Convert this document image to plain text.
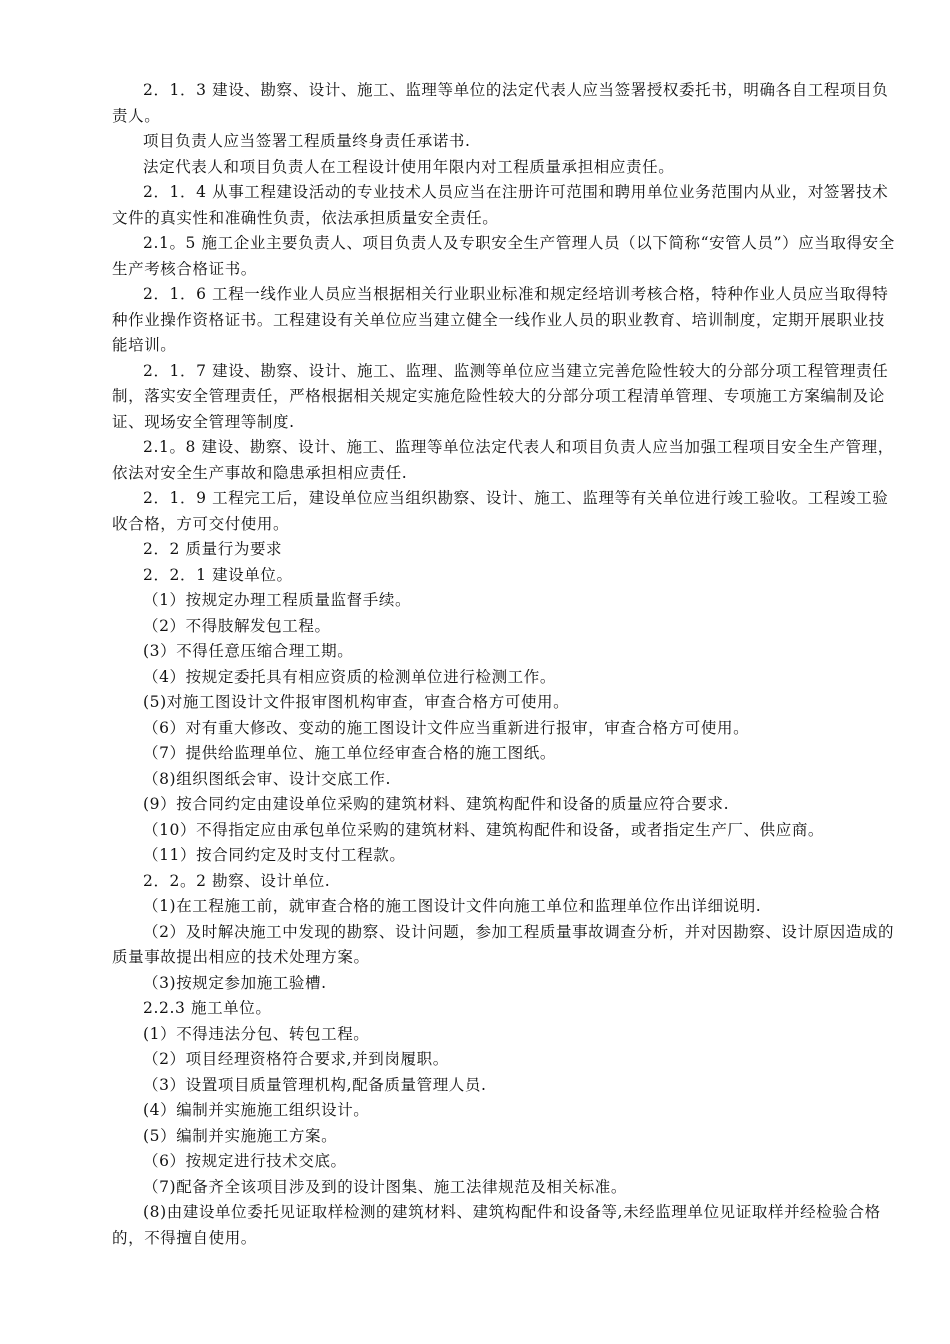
2．1．3 建设、勘察、设计、施工、监理等单位的法定代表人应当签署授权委托书，明确各自工程项目负责人。

项目负责人应当签署工程质量终身责任承诺书.

法定代表人和项目负责人在工程设计使用年限内对工程质量承担相应责任。

2．1．4 从事工程建设活动的专业技术人员应当在注册许可范围和聘用单位业务范围内从业，对签署技术文件的真实性和准确性负责，依法承担质量安全责任。

2.1。5 施工企业主要负责人、项目负责人及专职安全生产管理人员（以下简称“安管人员”）应当取得安全生产考核合格证书。

2．1．6 工程一线作业人员应当根据相关行业职业标准和规定经培训考核合格，特种作业人员应当取得特种作业操作资格证书。工程建设有关单位应当建立健全一线作业人员的职业教育、培训制度，定期开展职业技能培训。

2．1．7 建设、勘察、设计、施工、监理、监测等单位应当建立完善危险性较大的分部分项工程管理责任制，落实安全管理责任，严格根据相关规定实施危险性较大的分部分项工程清单管理、专项施工方案编制及论证、现场安全管理等制度.

2.1。8 建设、勘察、设计、施工、监理等单位法定代表人和项目负责人应当加强工程项目安全生产管理，依法对安全生产事故和隐患承担相应责任.

2．1．9 工程完工后，建设单位应当组织勘察、设计、施工、监理等有关单位进行竣工验收。工程竣工验收合格，方可交付使用。

2．2 质量行为要求

2．2．1 建设单位。

（1）按规定办理工程质量监督手续。

（2）不得肢解发包工程。

(3）不得任意压缩合理工期。

（4）按规定委托具有相应资质的检测单位进行检测工作。

(5)对施工图设计文件报审图机构审查，审查合格方可使用。

（6）对有重大修改、变动的施工图设计文件应当重新进行报审，审查合格方可使用。

（7）提供给监理单位、施工单位经审查合格的施工图纸。

（8)组织图纸会审、设计交底工作.

(9）按合同约定由建设单位采购的建筑材料、建筑构配件和设备的质量应符合要求.

（10）不得指定应由承包单位采购的建筑材料、建筑构配件和设备，或者指定生产厂、供应商。

（11）按合同约定及时支付工程款。

2．2。2 勘察、设计单位.

（1)在工程施工前，就审查合格的施工图设计文件向施工单位和监理单位作出详细说明.

（2）及时解决施工中发现的勘察、设计问题，参加工程质量事故调查分析，并对因勘察、设计原因造成的质量事故提出相应的技术处理方案。

（3)按规定参加施工验槽.

2.2.3 施工单位。

(1）不得违法分包、转包工程。

（2）项目经理资格符合要求,并到岗履职。

（3）设置项目质量管理机构,配备质量管理人员.

(4）编制并实施施工组织设计。

(5）编制并实施施工方案。

（6）按规定进行技术交底。

（7)配备齐全该项目涉及到的设计图集、施工法律规范及相关标准。

(8)由建设单位委托见证取样检测的建筑材料、建筑构配件和设备等,未经监理单位见证取样并经检验合格的，不得擅自使用。
